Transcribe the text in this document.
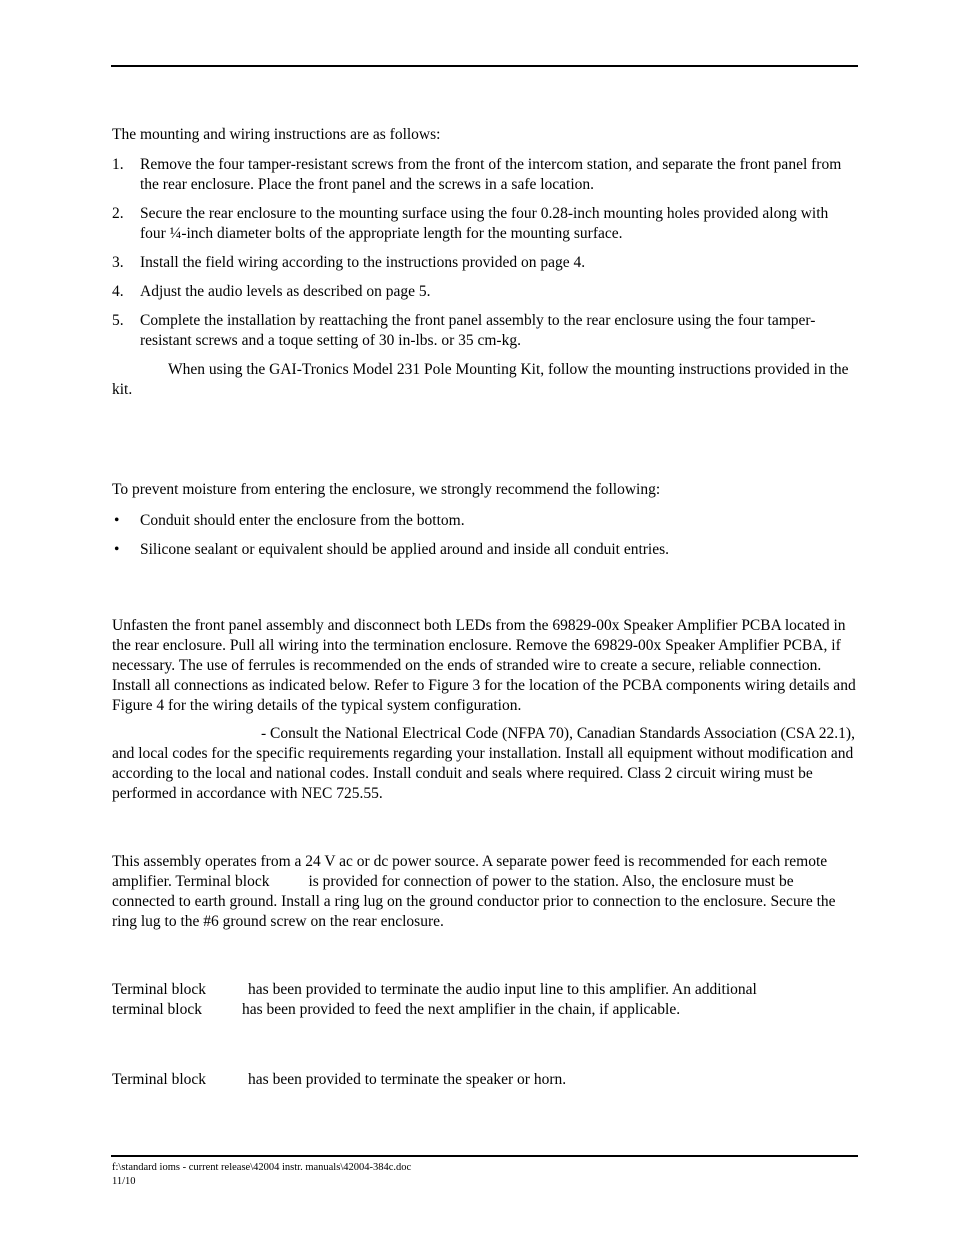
The mounting and wiring instructions are as follows:

1.	Remove the four tamper-resistant screws from the front of the intercom station, and separate the front panel from the rear enclosure. Place the front panel and the screws in a safe location.
2.	Secure the rear enclosure to the mounting surface using the four 0.28-inch mounting holes provided along with four ¼-inch diameter bolts of the appropriate length for the mounting surface.
3.	Install the field wiring according to the instructions provided on page 4.
4.	Adjust the audio levels as described on page 5.
5.	Complete the installation by reattaching the front panel assembly to the rear enclosure using the four tamper-resistant screws and a toque setting of 30 in-lbs. or 35 cm-kg.

When using the GAI-Tronics Model 231 Pole Mounting Kit, follow the mounting instructions provided in the kit.

To prevent moisture from entering the enclosure, we strongly recommend the following:

•	Conduit should enter the enclosure from the bottom.
•	Silicone sealant or equivalent should be applied around and inside all conduit entries.

Unfasten the front panel assembly and disconnect both LEDs from the 69829-00x Speaker Amplifier PCBA located in the rear enclosure. Pull all wiring into the termination enclosure. Remove the 69829-00x Speaker Amplifier PCBA, if necessary. The use of ferrules is recommended on the ends of stranded wire to create a secure, reliable connection. Install all connections as indicated below. Refer to Figure 3 for the location of the PCBA components wiring details and Figure 4 for the wiring details of the typical system configuration.

- Consult the National Electrical Code (NFPA 70), Canadian Standards Association (CSA 22.1), and local codes for the specific requirements regarding your installation. Install all equipment without modification and according to the local and national codes. Install conduit and seals where required. Class 2 circuit wiring must be performed in accordance with NEC 725.55.

This assembly operates from a 24 V ac or dc power source. A separate power feed is recommended for each remote amplifier. Terminal block	is provided for connection of power to the station. Also, the enclosure must be connected to earth ground. Install a ring lug on the ground conductor prior to connection to the enclosure. Secure the ring lug to the #6 ground screw on the rear enclosure.

Terminal block	has been provided to terminate the audio input line to this amplifier. An additional
terminal block	has been provided to feed the next amplifier in the chain, if applicable.

Terminal block	has been provided to terminate the speaker or horn.

f:\standard ioms - current release\42004 instr. manuals\42004-384c.doc
11/10
